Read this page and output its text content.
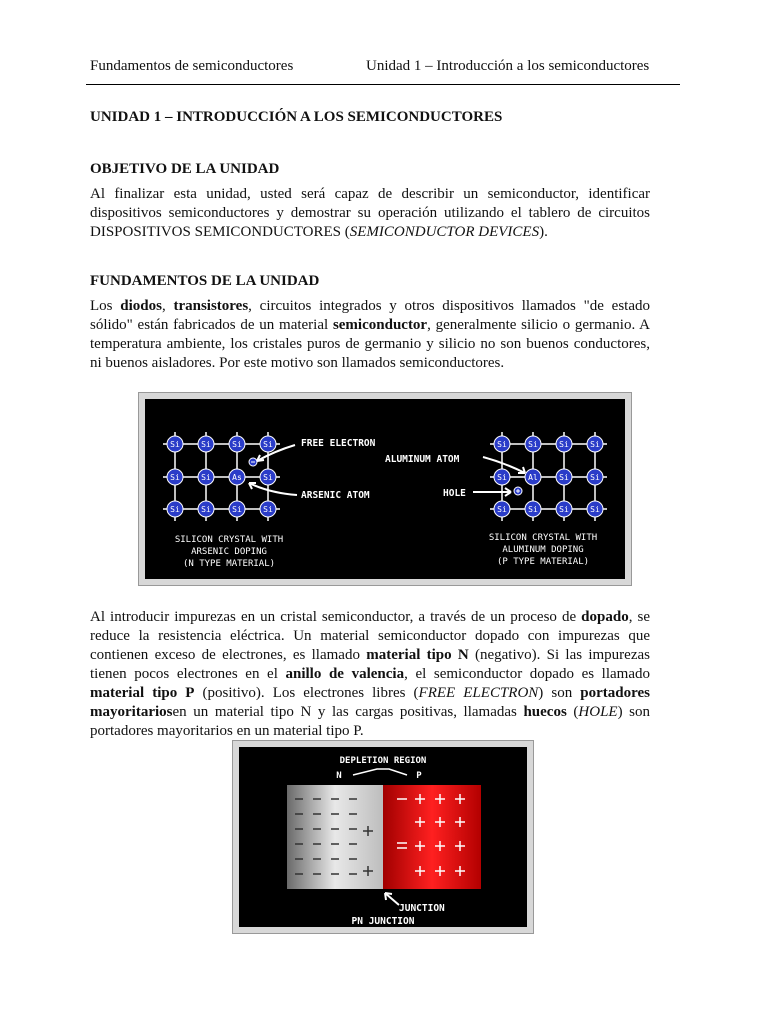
Fundamentos de semiconductores	Unidad 1 – Introducción a los semiconductores
UNIDAD 1 – INTRODUCCIÓN A LOS SEMICONDUCTORES
OBJETIVO DE LA UNIDAD

Al finalizar esta unidad, usted será capaz de describir un semiconductor, identificar dispositivos semiconductores y demostrar su operación utilizando el tablero de circuitos DISPOSITIVOS SEMICONDUCTORES (SEMICONDUCTOR DEVICES).

FUNDAMENTOS DE LA UNIDAD

Los diodos, transistores, circuitos integrados y otros dispositivos llamados "de estado sólido" están fabricados de un material semiconductor, generalmente silicio o germanio. A temperatura ambiente, los cristales puros de germanio y silicio no son buenos conductores, ni buenos aisladores. Por este motivo son llamados semiconductores.

Si	Si	Si	Si
Si	Si	As	Si
Si	Si	Si	Si
Si	Si	Si	Si
Si	Al	Si	Si
Si	Si	Si	Si
FREE ELECTRON
ARSENIC ATOM
ALUMINUM ATOM
HOLE
SILICON CRYSTAL WITH
ARSENIC DOPING
(N TYPE MATERIAL)
SILICON CRYSTAL WITH
ALUMINUM DOPING
(P TYPE MATERIAL)

Al introducir impurezas en un cristal semiconductor, a través de un proceso de dopado, se reduce la resistencia eléctrica. Un material semiconductor dopado con impurezas que contienen exceso de electrones, es llamado material tipo N (negativo). Si las impurezas tienen pocos electrones en el anillo de valencia, el semiconductor dopado es llamado material tipo P (positivo). Los electrones libres (FREE ELECTRON) son portadores mayoritariosen un material tipo N y las cargas positivas, llamadas huecos (HOLE) son portadores mayoritarios en un material tipo P.

DEPLETION REGION
N	P
JUNCTION
PN JUNCTION
